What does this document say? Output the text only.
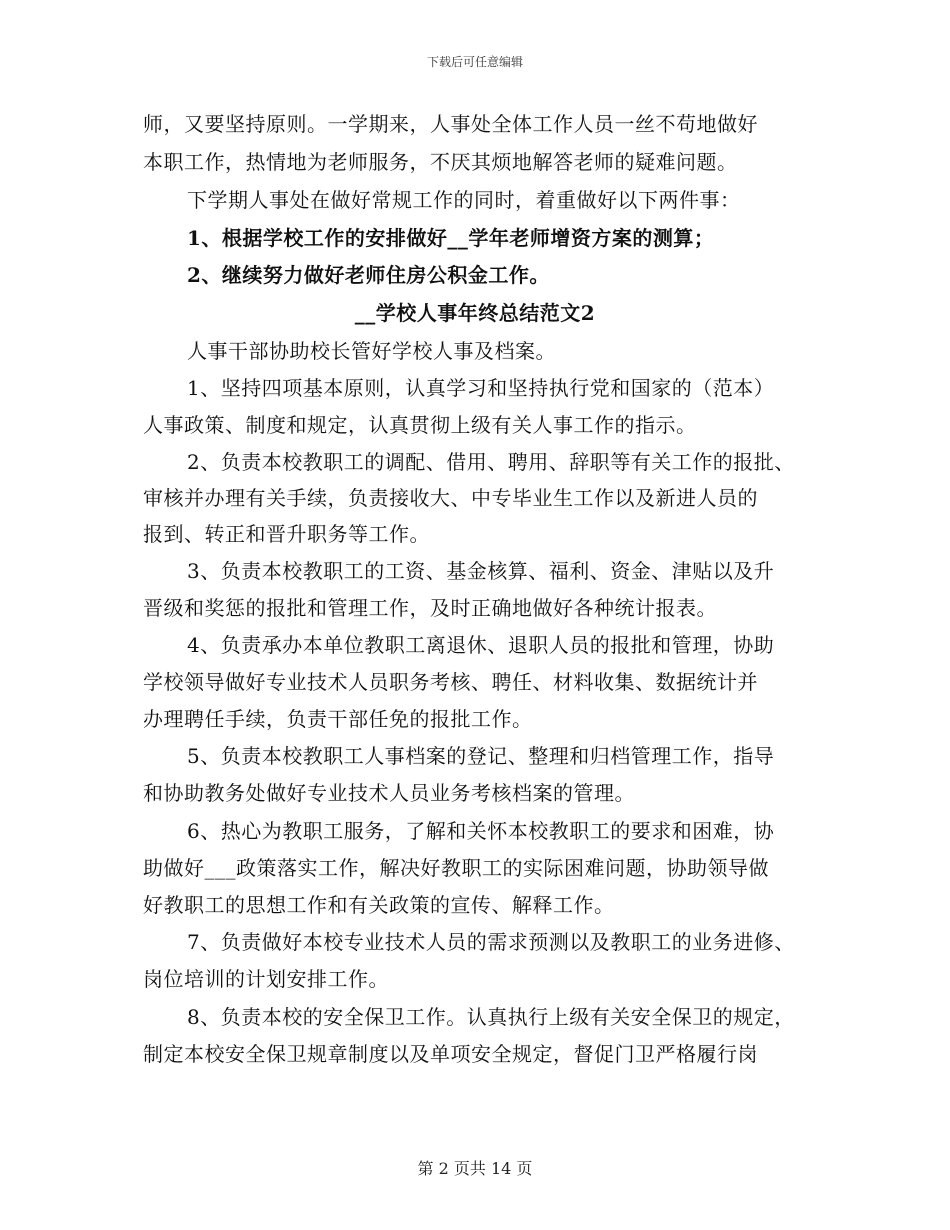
下载后可任意编辑
师，又要坚持原则。一学期来，人事处全体工作人员一丝不苟地做好
本职工作，热情地为老师服务，不厌其烦地解答老师的疑难问题。
下学期人事处在做好常规工作的同时，着重做好以下两件事：
1、根据学校工作的安排做好__学年老师增资方案的测算；
2、继续努力做好老师住房公积金工作。
__学校人事年终总结范文2
人事干部协助校长管好学校人事及档案。
1、坚持四项基本原则，认真学习和坚持执行党和国家的（范本）
人事政策、制度和规定，认真贯彻上级有关人事工作的指示。
2、负责本校教职工的调配、借用、聘用、辞职等有关工作的报批、
审核并办理有关手续，负责接收大、中专毕业生工作以及新进人员的
报到、转正和晋升职务等工作。
3、负责本校教职工的工资、基金核算、福利、资金、津贴以及升
晋级和奖惩的报批和管理工作，及时正确地做好各种统计报表。
4、负责承办本单位教职工离退休、退职人员的报批和管理，协助
学校领导做好专业技术人员职务考核、聘任、材料收集、数据统计并
办理聘任手续，负责干部任免的报批工作。
5、负责本校教职工人事档案的登记、整理和归档管理工作，指导
和协助教务处做好专业技术人员业务考核档案的管理。
6、热心为教职工服务，了解和关怀本校教职工的要求和困难，协
助做好___政策落实工作，解决好教职工的实际困难问题，协助领导做
好教职工的思想工作和有关政策的宣传、解释工作。
7、负责做好本校专业技术人员的需求预测以及教职工的业务进修、
岗位培训的计划安排工作。
8、负责本校的安全保卫工作。认真执行上级有关安全保卫的规定，
制定本校安全保卫规章制度以及单项安全规定，督促门卫严格履行岗
第 2 页共 14 页
